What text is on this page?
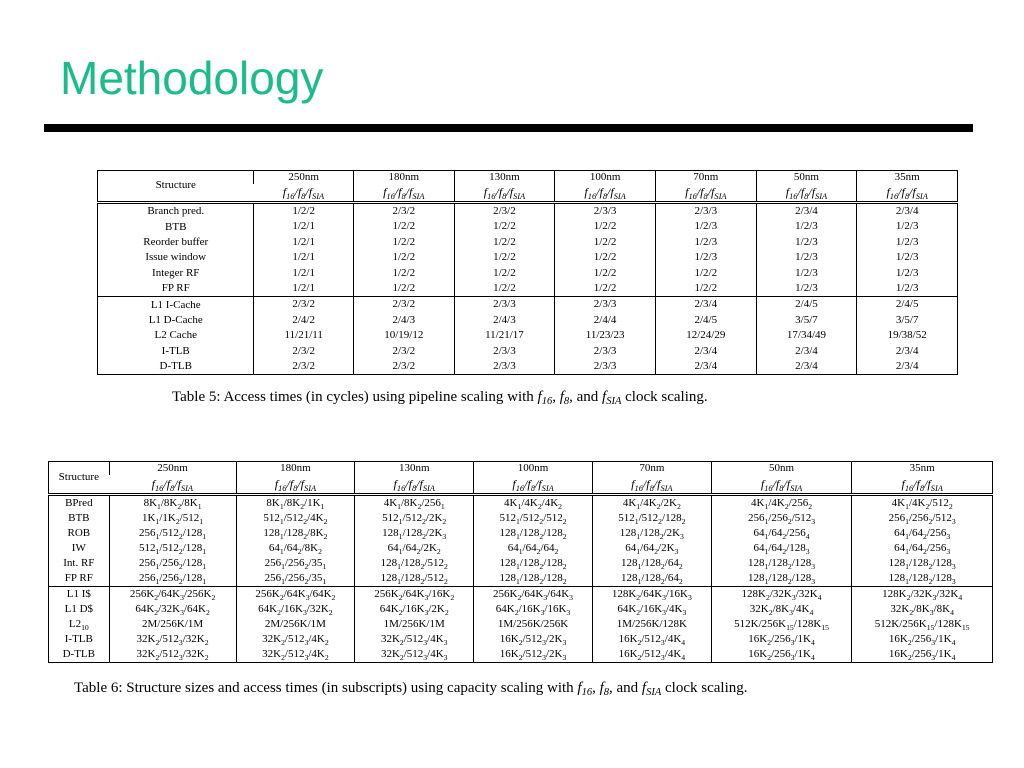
Methodology
Structure	250nm	180nm	130nm	100nm	70nm	50nm	35nm
	$f_{16}/f_8/f_{SIA}$	$f_{16}/f_8/f_{SIA}$	$f_{16}/f_8/f_{SIA}$	$f_{16}/f_8/f_{SIA}$	$f_{16}/f_8/f_{SIA}$	$f_{16}/f_8/f_{SIA}$	$f_{16}/f_8/f_{SIA}$
Branch pred.	1/2/2	2/3/2	2/3/2	2/3/3	2/3/3	2/3/4	2/3/4
BTB	1/2/1	1/2/2	1/2/2	1/2/2	1/2/3	1/2/3	1/2/3
Reorder buffer	1/2/1	1/2/2	1/2/2	1/2/2	1/2/3	1/2/3	1/2/3
Issue window	1/2/1	1/2/2	1/2/2	1/2/2	1/2/3	1/2/3	1/2/3
Integer RF	1/2/1	1/2/2	1/2/2	1/2/2	1/2/2	1/2/3	1/2/3
FP RF	1/2/1	1/2/2	1/2/2	1/2/2	1/2/2	1/2/3	1/2/3
L1 I-Cache	2/3/2	2/3/2	2/3/3	2/3/3	2/3/4	2/4/5	2/4/5
L1 D-Cache	2/4/2	2/4/3	2/4/3	2/4/4	2/4/5	3/5/7	3/5/7
L2 Cache	11/21/11	10/19/12	11/21/17	11/23/23	12/24/29	17/34/49	19/38/52
I-TLB	2/3/2	2/3/2	2/3/3	2/3/3	2/3/4	2/3/4	2/3/4
D-TLB	2/3/2	2/3/2	2/3/3	2/3/3	2/3/4	2/3/4	2/3/4

Table 5: Access times (in cycles) using pipeline scaling with $f_{16}$, $f_8$, and $f_{SIA}$ clock scaling.

Structure	250nm	180nm	130nm	100nm	70nm	50nm	35nm
	$f_{16}/f_8/f_{SIA}$	$f_{16}/f_8/f_{SIA}$	$f_{16}/f_8/f_{SIA}$	$f_{16}/f_8/f_{SIA}$	$f_{16}/f_8/f_{SIA}$	$f_{16}/f_8/f_{SIA}$	$f_{16}/f_8/f_{SIA}$
BPred	$8K_1/8K_2/8K_1$	$8K_1/8K_2/1K_1$	$4K_1/8K_2/256_1$	$4K_1/4K_2/4K_2$	$4K_1/4K_2/2K_2$	$4K_1/4K_2/256_2$	$4K_1/4K_2/512_2$
BTB	$1K_1/1K_2/512_1$	$512_1/512_2/4K_2$	$512_1/512_2/2K_2$	$512_1/512_2/512_2$	$512_1/512_2/128_2$	$256_1/256_2/512_3$	$256_1/256_2/512_3$
ROB	$256_1/512_2/128_1$	$128_1/128_2/8K_2$	$128_1/128_2/2K_3$	$128_1/128_2/128_2$	$128_1/128_2/2K_3$	$64_1/64_2/256_4$	$64_1/64_2/256_3$
IW	$512_1/512_2/128_1$	$64_1/64_2/8K_2$	$64_1/64_2/2K_2$	$64_1/64_2/64_2$	$64_1/64_2/2K_3$	$64_1/64_2/128_3$	$64_1/64_2/256_3$
Int. RF	$256_1/256_2/128_1$	$256_1/256_2/35_1$	$128_1/128_2/512_2$	$128_1/128_2/128_2$	$128_1/128_2/64_2$	$128_1/128_2/128_3$	$128_1/128_2/128_3$
FP RF	$256_1/256_2/128_1$	$256_1/256_2/35_1$	$128_1/128_2/512_2$	$128_1/128_2/128_2$	$128_1/128_2/64_2$	$128_1/128_2/128_3$	$128_1/128_2/128_3$
L1 I$	$256K_2/64K_3/256K_2$	$256K_2/64K_3/64K_2$	$256K_2/64K_3/16K_2$	$256K_2/64K_3/64K_3$	$128K_2/64K_3/16K_3$	$128K_2/32K_3/32K_4$	$128K_2/32K_3/32K_4$
L1 D$	$64K_2/32K_3/64K_2$	$64K_2/16K_3/32K_2$	$64K_2/16K_3/2K_2$	$64K_2/16K_3/16K_3$	$64K_2/16K_3/4K_3$	$32K_2/8K_3/4K_4$	$32K_2/8K_3/8K_4$
$L2_{10}$	2M/256K/1M	2M/256K/1M	1M/256K/1M	1M/256K/256K	1M/256K/128K	$512K/256K_{15}/128K_{15}$	$512K/256K_{15}/128K_{15}$
I-TLB	$32K_2/512_3/32K_2$	$32K_2/512_3/4K_2$	$32K_2/512_3/4K_3$	$16K_2/512_3/2K_3$	$16K_2/512_3/4K_4$	$16K_2/256_3/1K_4$	$16K_2/256_3/1K_4$
D-TLB	$32K_2/512_3/32K_2$	$32K_2/512_3/4K_2$	$32K_2/512_3/4K_3$	$16K_2/512_3/2K_3$	$16K_2/512_3/4K_4$	$16K_2/256_3/1K_4$	$16K_2/256_3/1K_4$

Table 6: Structure sizes and access times (in subscripts) using capacity scaling with $f_{16}$, $f_8$, and $f_{SIA}$ clock scaling.
